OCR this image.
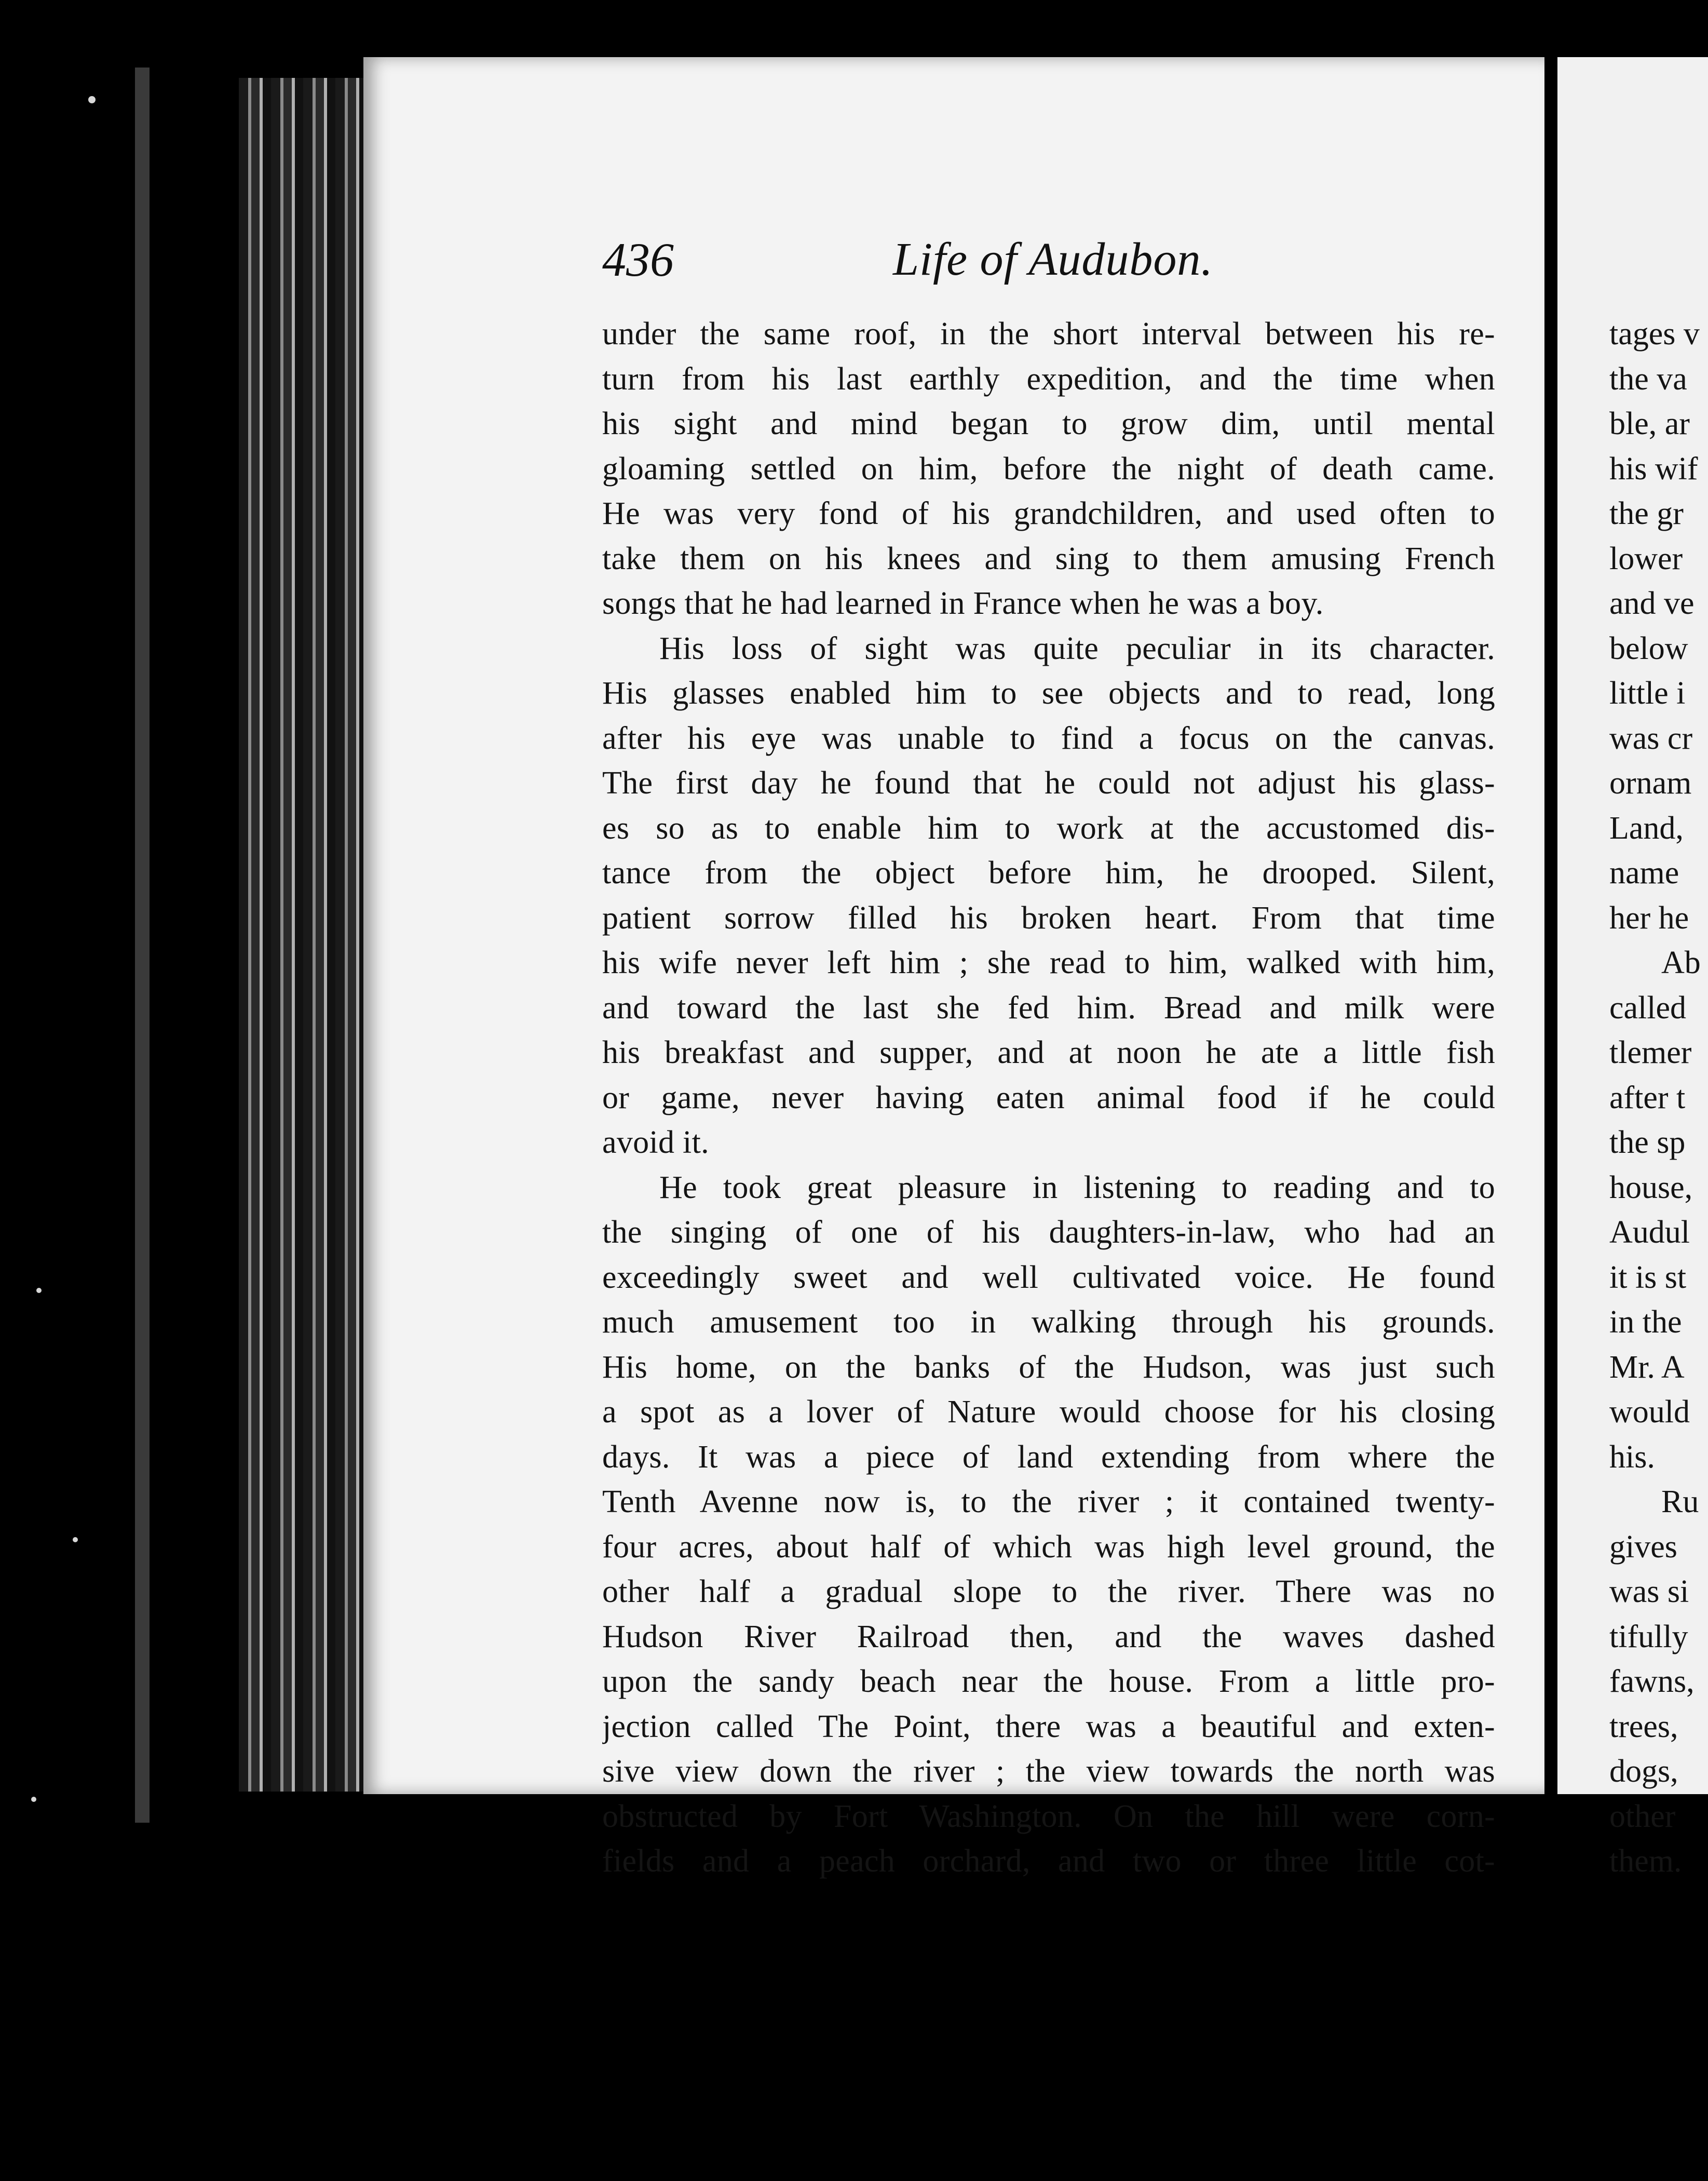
436	Life of Audubon.
under the same roof, in the short interval between his re-
turn from his last earthly expedition, and the time when
his sight and mind began to grow dim, until mental
gloaming settled on him, before the night of death came.
He was very fond of his grandchildren, and used often to
take them on his knees and sing to them amusing French
songs that he had learned in France when he was a boy.
His loss of sight was quite peculiar in its character.
His glasses enabled him to see objects and to read, long
after his eye was unable to find a focus on the canvas.
The first day he found that he could not adjust his glass-
es so as to enable him to work at the accustomed dis-
tance from the object before him, he drooped. Silent,
patient sorrow filled his broken heart. From that time
his wife never left him ; she read to him, walked with him,
and toward the last she fed him. Bread and milk were
his breakfast and supper, and at noon he ate a little fish
or game, never having eaten animal food if he could
avoid it.
He took great pleasure in listening to reading and to
the singing of one of his daughters-in-law, who had an
exceedingly sweet and well cultivated voice. He found
much amusement too in walking through his grounds.
His home, on the banks of the Hudson, was just such
a spot as a lover of Nature would choose for his closing
days. It was a piece of land extending from where the
Tenth Avenne now is, to the river ; it contained twenty-
four acres, about half of which was high level ground, the
other half a gradual slope to the river. There was no
Hudson River Railroad then, and the waves dashed
upon the sandy beach near the house. From a little pro-
jection called The Point, there was a beautiful and exten-
sive view down the river ; the view towards the north was
obstructed by Fort Washington. On the hill were corn-
fields and a peach orchard, and two or three little cot-
tages v
the va
ble, ar
his wif
the gr
lower
and ve
below
little i
was cr
ornam
Land,
name
her he
Ab
called
tlemer
after t
the sp
house,
Audul
it is st
in the
Mr. A
would
his.
Ru
gives
was si
tifully
fawns,
trees,
dogs,
other
them.
